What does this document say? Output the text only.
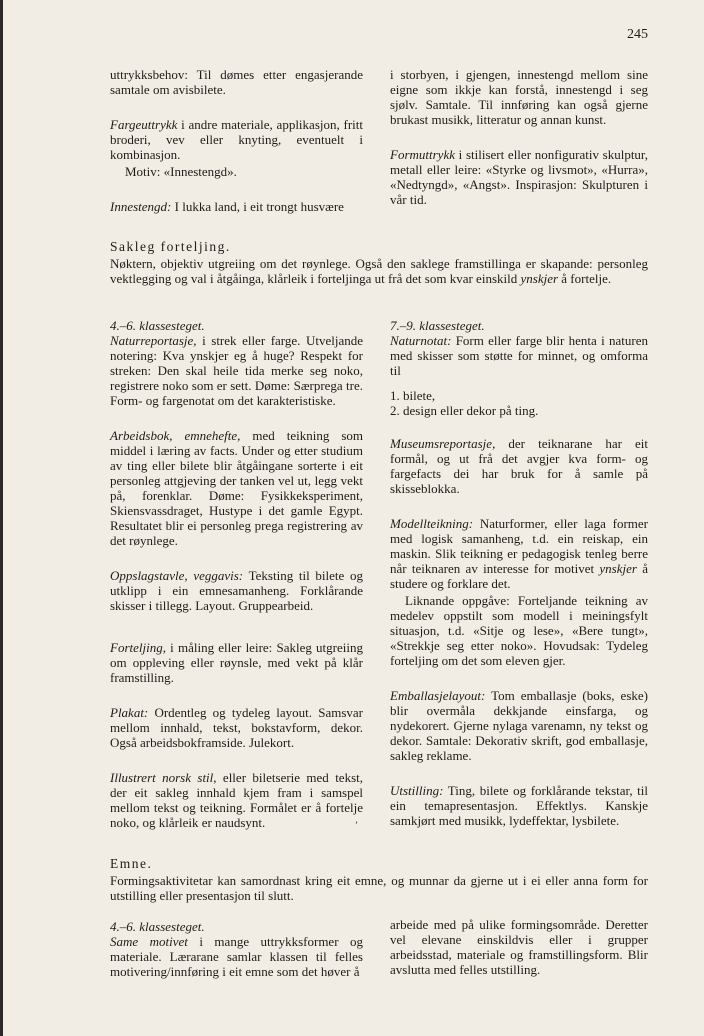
245

uttrykksbehov: Til dømes etter engasjerande samtale om avisbilete.

Fargeuttrykk i andre materiale, applikasjon, fritt broderi, vev eller knyting, eventuelt i kombinasjon.

Motiv: «Innestengd».

Innestengd: I lukka land, i eit trongt husvære

i storbyen, i gjengen, innestengd mellom sine eigne som ikkje kan forstå, innestengd i seg sjølv. Samtale. Til innføring kan også gjerne brukast musikk, litteratur og annan kunst.

Formuttrykk i stilisert eller nonfigurativ skulptur, metall eller leire: «Styrke og livsmot», «Hurra», «Nedtyngd», «Angst». Inspirasjon: Skulpturen i vår tid.

Sakleg forteljing.
Nøktern, objektiv utgreiing om det røynlege. Også den saklege framstillinga er skapande: personleg vektlegging og val i åtgåinga, klårleik i forteljinga ut frå det som kvar einskild ynskjer å fortelje.
4.–6. klassesteget.

Naturreportasje, i strek eller farge. Utveljande notering: Kva ynskjer eg å huge? Respekt for streken: Den skal heile tida merke seg noko, registrere noko som er sett. Døme: Særprega tre. Form- og fargenotat om det karakteristiske.

Arbeidsbok, emnehefte, med teikning som middel i læring av facts. Under og etter studium av ting eller bilete blir åtgåingane sorterte i eit personleg attgjeving der tanken vel ut, legg vekt på, forenklar. Døme: Fysikkeksperiment, Skiensvassdraget, Hustype i det gamle Egypt. Resultatet blir ei personleg prega registrering av det røynlege.

Oppslagstavle, veggavis: Teksting til bilete og utklipp i ein emnesamanheng. Forklårande skisser i tillegg. Layout. Gruppearbeid.

Forteljing, i måling eller leire: Sakleg utgreiing om oppleving eller røynsle, med vekt på klår framstilling.

Plakat: Ordentleg og tydeleg layout. Samsvar mellom innhald, tekst, bokstavform, dekor. Også arbeidsbokframside. Julekort.

Illustrert norsk stil, eller biletserie med tekst, der eit sakleg innhald kjem fram i samspel mellom tekst og teikning. Formålet er å fortelje noko, og klårleik er naudsynt.

7.–9. klassesteget.

Naturnotat: Form eller farge blir henta i naturen med skisser som støtte for minnet, og omforma til

1. bilete,
2. design eller dekor på ting.

Museumsreportasje, der teiknarane har eit formål, og ut frå det avgjer kva form- og fargefacts dei har bruk for å samle på skisseblokka.

Modellteikning: Naturformer, eller laga former med logisk samanheng, t.d. ein reiskap, ein maskin. Slik teikning er pedagogisk tenleg berre når teiknaren av interesse for motivet ynskjer å studere og forklare det.

Liknande oppgåve: Forteljande teikning av medelev oppstilt som modell i meiningsfylt situasjon, t.d. «Sitje og lese», «Bere tungt», «Strekkje seg etter noko». Hovudsak: Tydeleg forteljing om det som eleven gjer.

Emballasjelayout: Tom emballasje (boks, eske) blir overmåla dekkjande einsfarga, og nydekorert. Gjerne nylaga varenamn, ny tekst og dekor. Samtale: Dekorativ skrift, god emballasje, sakleg reklame.

Utstilling: Ting, bilete og forklårande tekstar, til ein temapresentasjon. Effektlys. Kanskje samkjørt med musikk, lydeffektar, lysbilete.

ʼ
Emne.
Formingsaktivitetar kan samordnast kring eit emne, og munnar da gjerne ut i ei eller anna form for utstilling eller presentasjon til slutt.
4.–6. klassesteget.

Same motivet i mange uttrykksformer og materiale. Lærarane samlar klassen til felles motivering/innføring i eit emne som det høver å

arbeide med på ulike formingsområde. Deretter vel elevane einskildvis eller i grupper arbeidsstad, materiale og framstillingsform. Blir avslutta med felles utstilling.
